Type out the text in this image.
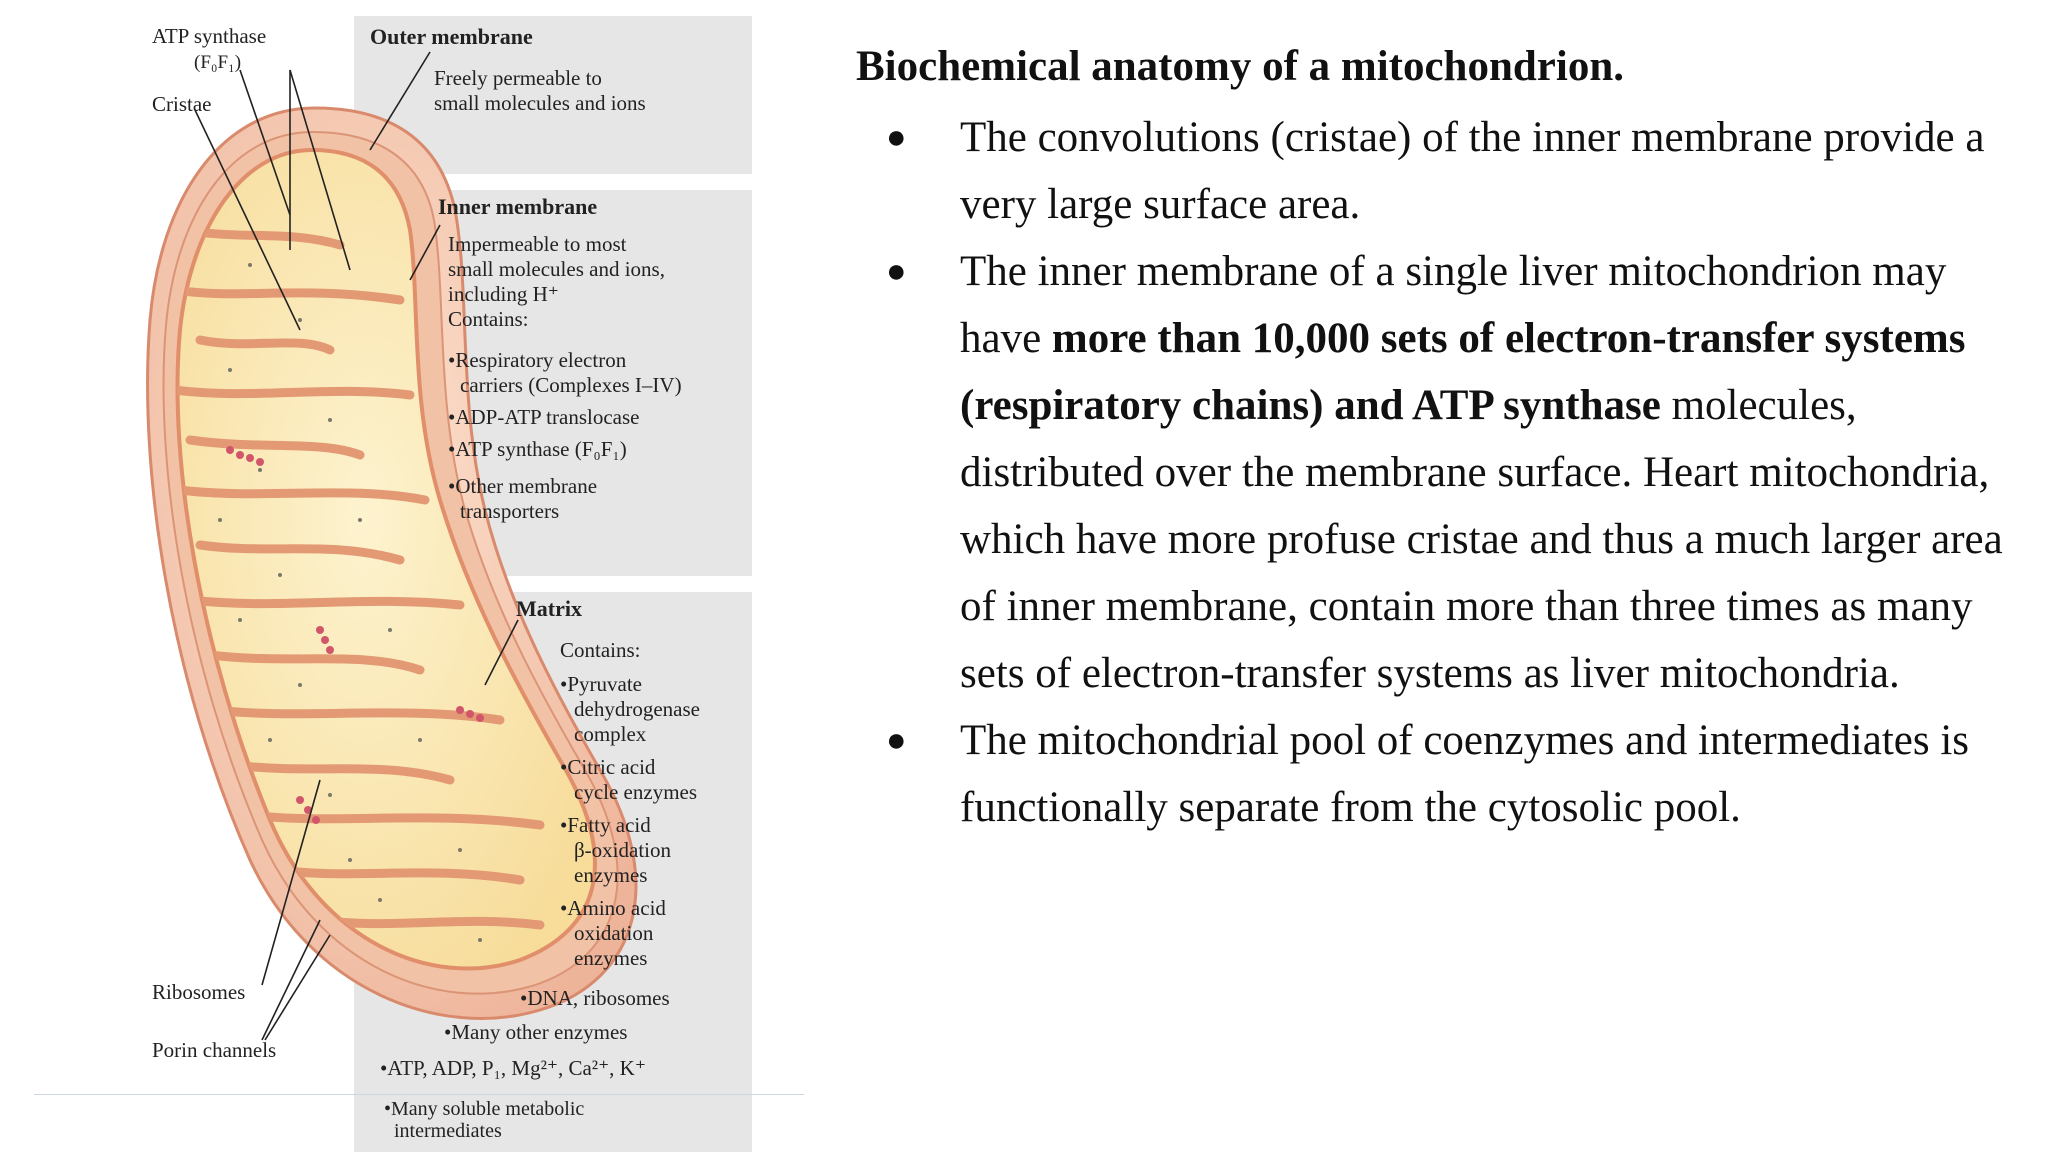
ATP synthase
(F₀F₁)
Cristae
Ribosomes
Porin channels
Outer membrane
Freely permeable to
small molecules and ions
Inner membrane
Impermeable to most
small molecules and ions,
including H⁺
Contains:
•Respiratory electron
carriers (Complexes I–IV)
•ADP-ATP translocase
•ATP synthase (F₀F₁)
•Other membrane
transporters
Matrix
Contains:
•Pyruvate
dehydrogenase
complex
•Citric acid
cycle enzymes
•Fatty acid
β-oxidation
enzymes
•Amino acid
oxidation
enzymes
•DNA, ribosomes
•Many other enzymes
•ATP, ADP, P₁, Mg²⁺, Ca²⁺, K⁺
•Many soluble metabolic
intermediates
Biochemical anatomy of a mitochondrion.
● The convolutions (cristae) of the inner membrane provide a very large surface area.
● The inner membrane of a single liver mitochondrion may have more than 10,000 sets of electron-transfer systems (respiratory chains) and ATP synthase molecules, distributed over the membrane surface. Heart mitochondria, which have more profuse cristae and thus a much larger area of inner membrane, contain more than three times as many sets of electron-transfer systems as liver mitochondria.
● The mitochondrial pool of coenzymes and intermediates is functionally separate from the cytosolic pool.
